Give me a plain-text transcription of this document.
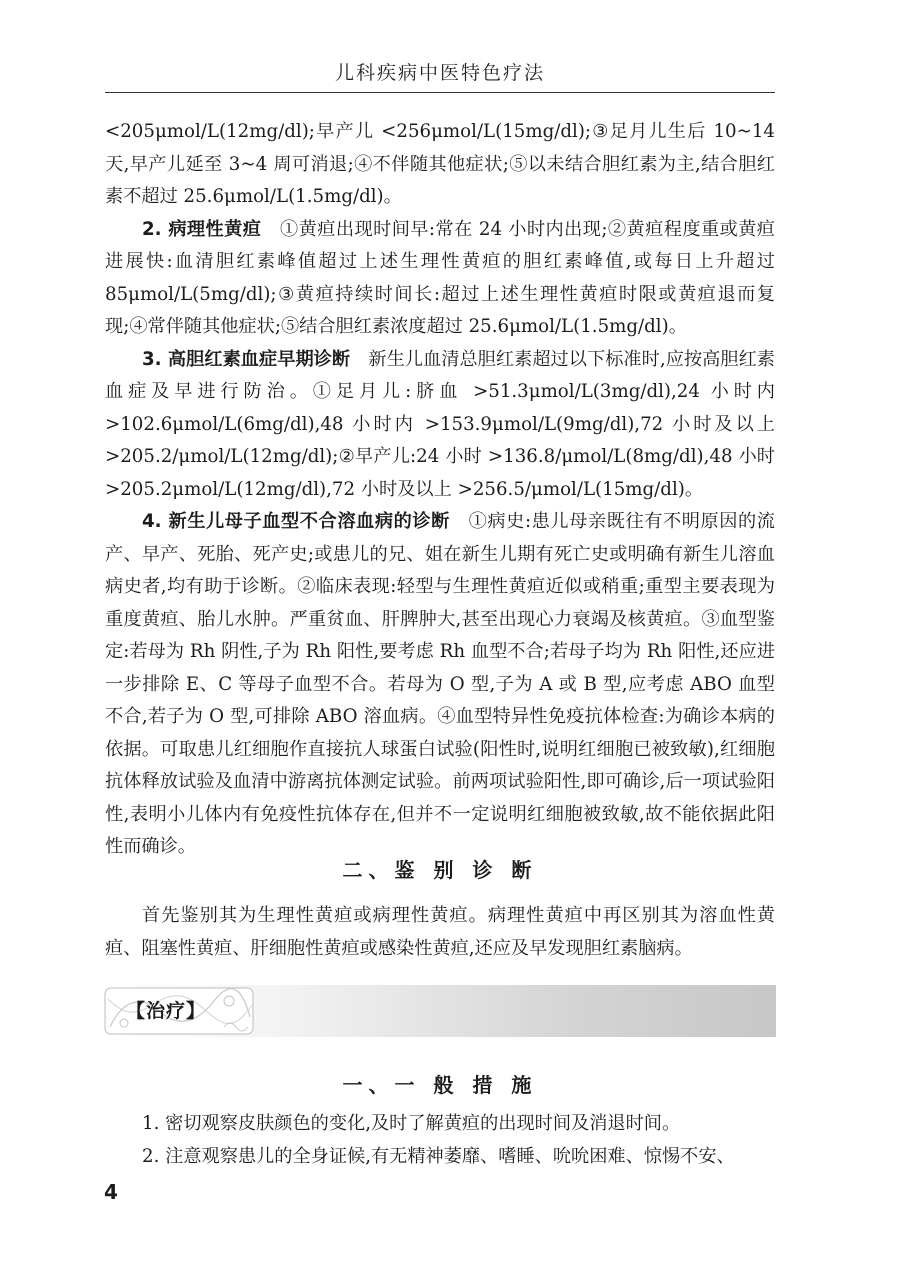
儿科疾病中医特色疗法

<205μmol/L(12mg/dl);早产儿 <256μmol/L(15mg/dl);③足月儿生后 10~14 天,早产儿延至 3~4 周可消退;④不伴随其他症状;⑤以未结合胆红素为主,结合胆红素不超过 25.6μmol/L(1.5mg/dl)。

2. 病理性黄疸　 ①黄疸出现时间早:常在 24 小时内出现;②黄疸程度重或黄疸进展快:血清胆红素峰值超过上述生理性黄疸的胆红素峰值,或每日上升超过 85μmol/L(5mg/dl);③黄疸持续时间长:超过上述生理性黄疸时限或黄疸退而复现;④常伴随其他症状;⑤结合胆红素浓度超过 25.6μmol/L(1.5mg/dl)。

3. 高胆红素血症早期诊断　 新生儿血清总胆红素超过以下标准时,应按高胆红素血症及早进行防治。①足月儿:脐血 >51.3μmol/L(3mg/dl),24 小时内 >102.6μmol/L(6mg/dl),48 小时内 >153.9μmol/L(9mg/dl),72 小时及以上 >205.2/μmol/L(12mg/dl);②早产儿:24 小时 >136.8/μmol/L(8mg/dl),48 小时 >205.2μmol/L(12mg/dl),72 小时及以上 >256.5/μmol/L(15mg/dl)。

4. 新生儿母子血型不合溶血病的诊断　 ①病史:患儿母亲既往有不明原因的流产、早产、死胎、死产史;或患儿的兄、姐在新生儿期有死亡史或明确有新生儿溶血病史者,均有助于诊断。②临床表现:轻型与生理性黄疸近似或稍重;重型主要表现为重度黄疸、胎儿水肿。严重贫血、肝脾肿大,甚至出现心力衰竭及核黄疸。③血型鉴定:若母为 Rh 阴性,子为 Rh 阳性,要考虑 Rh 血型不合;若母子均为 Rh 阳性,还应进一步排除 E、C 等母子血型不合。若母为 O 型,子为 A 或 B 型,应考虑 ABO 血型不合,若子为 O 型,可排除 ABO 溶血病。④血型特异性免疫抗体检查:为确诊本病的依据。可取患儿红细胞作直接抗人球蛋白试验(阳性时,说明红细胞已被致敏),红细胞抗体释放试验及血清中游离抗体测定试验。前两项试验阳性,即可确诊,后一项试验阳性,表明小儿体内有免疫性抗体存在,但并不一定说明红细胞被致敏,故不能依据此阳性而确诊。

二、鉴 别 诊 断

首先鉴别其为生理性黄疸或病理性黄疸。病理性黄疸中再区别其为溶血性黄疸、阻塞性黄疸、肝细胞性黄疸或感染性黄疸,还应及早发现胆红素脑病。

【治疗】
一、一 般 措 施

1. 密切观察皮肤颜色的变化,及时了解黄疸的出现时间及消退时间。

2. 注意观察患儿的全身证候,有无精神萎靡、嗜睡、吮吮困难、惊惕不安、

4
